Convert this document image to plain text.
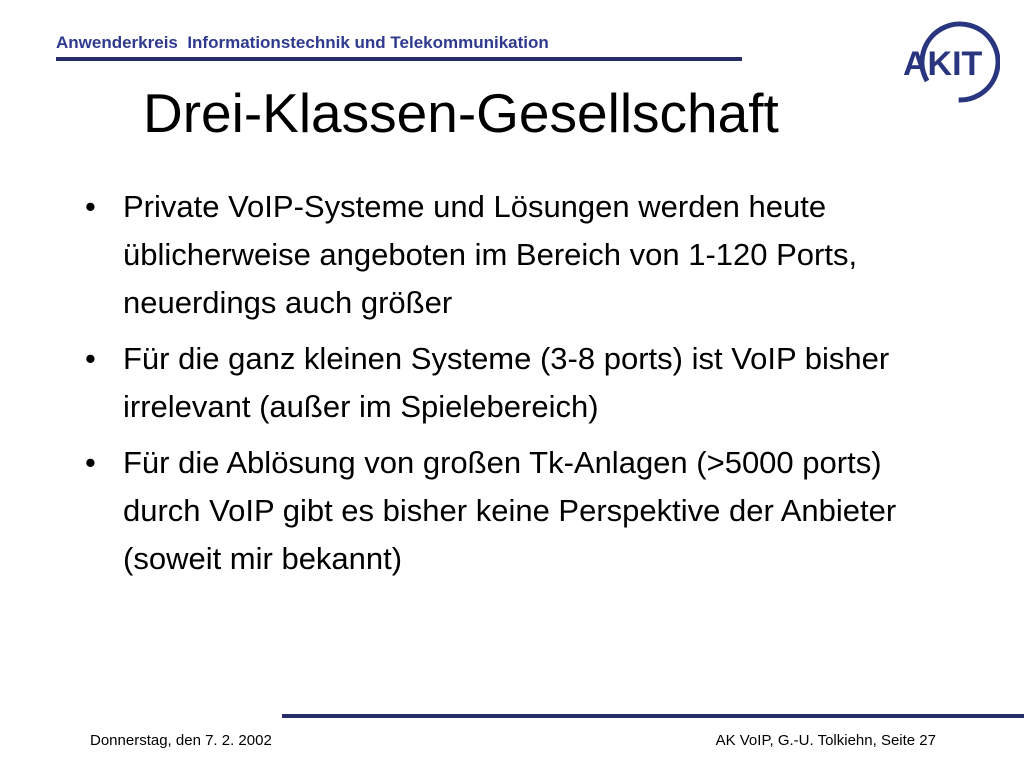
Anwenderkreis  Informationstechnik und Telekommunikation
AKIT
Drei-Klassen-Gesellschaft
• Private VoIP-Systeme und Lösungen werden heute üblicherweise angeboten im Bereich von 1-120 Ports, neuerdings auch größer
• Für die ganz kleinen Systeme (3-8 ports) ist VoIP bisher irrelevant (außer im Spielebereich)
• Für die Ablösung von großen Tk-Anlagen (>5000 ports) durch VoIP gibt es bisher keine Perspektive der Anbieter (soweit mir bekannt)
Donnerstag, den 7. 2. 2002	AK VoIP, G.-U. Tolkiehn, Seite 27
